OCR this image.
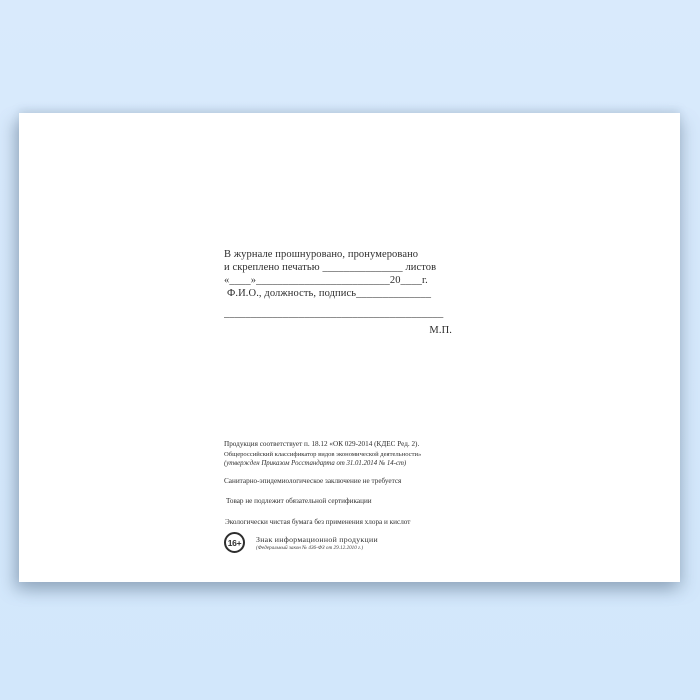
В журнале прошнуровано, пронумеровано
и скреплено печатью _______________ листов
«____»_________________________20____г.
Ф.И.О., должность, подпись______________
_________________________________________
М.П.
Продукция соответствует п. 18.12 «ОК 029-2014 (КДЕС Ред. 2).
Общероссийский классификатор видов экономической деятельности»
(утвержден Приказом Росстандарта от 31.01.2014 № 14-ст)
Санитарно-эпидемиологическое заключение не требуется
Товар не подлежит обязательной сертификации
Экологически чистая бумага без применения хлора и кислот
16+ Знак информационной продукции
(Федеральный закон № 436-ФЗ от 29.12.2010 г.)
